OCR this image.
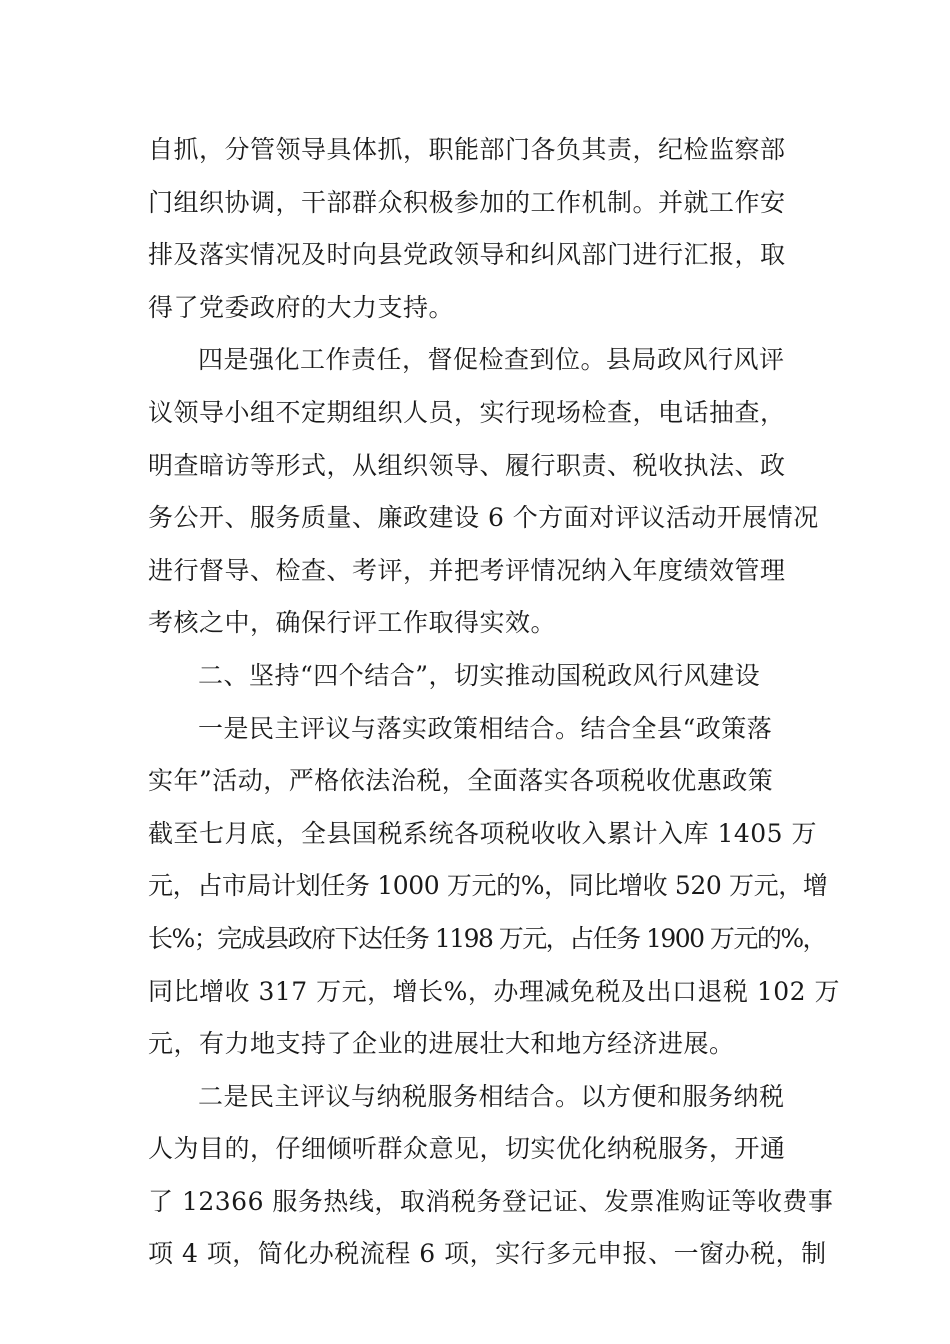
自抓，分管领导具体抓，职能部门各负其责，纪检监察部
门组织协调，干部群众积极参加的工作机制。并就工作安
排及落实情况及时向县党政领导和纠风部门进行汇报，取
得了党委政府的大力支持。
四是强化工作责任，督促检查到位。县局政风行风评
议领导小组不定期组织人员，实行现场检查，电话抽查，
明查暗访等形式，从组织领导、履行职责、税收执法、政
务公开、服务质量、廉政建设 6 个方面对评议活动开展情况
进行督导、检查、考评，并把考评情况纳入年度绩效管理
考核之中，确保行评工作取得实效。
二、坚持“四个结合”，切实推动国税政风行风建设
一是民主评议与落实政策相结合。结合全县“政策落
实年”活动，严格依法治税，全面落实各项税收优惠政策
截至七月底，全县国税系统各项税收收入累计入库 1405 万
元，占市局计划任务 1000 万元的%，同比增收 520 万元，增
长%；完成县政府下达任务 1198 万元，占任务 1900 万元的%，
同比增收 317 万元，增长%，办理减免税及出口退税 102 万
元，有力地支持了企业的进展壮大和地方经济进展。
二是民主评议与纳税服务相结合。以方便和服务纳税
人为目的，仔细倾听群众意见，切实优化纳税服务，开通
了 12366 服务热线，取消税务登记证、发票准购证等收费事
项 4 项，简化办税流程 6 项，实行多元申报、一窗办税，制
